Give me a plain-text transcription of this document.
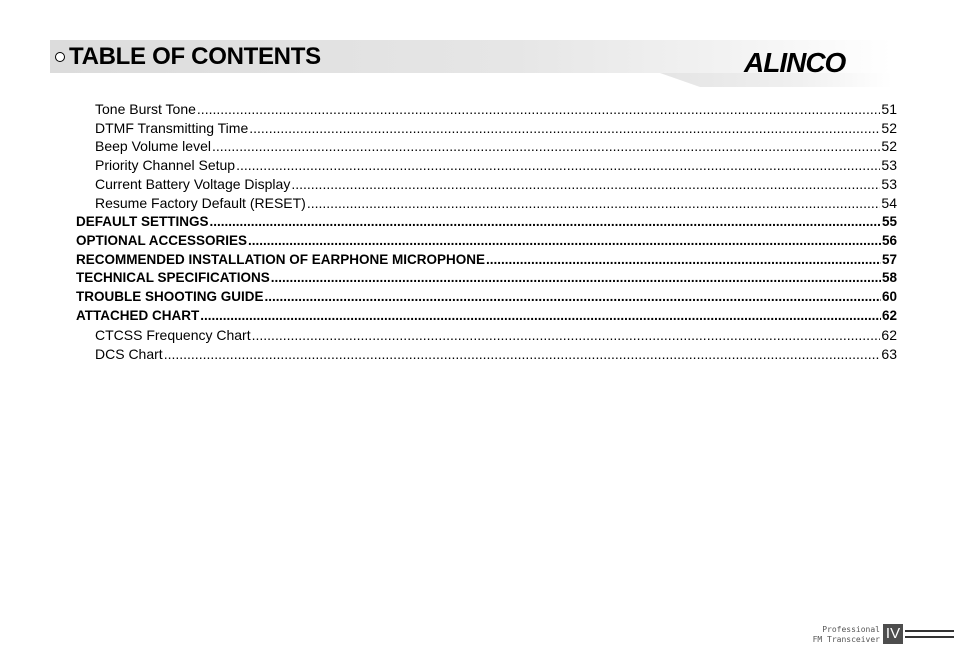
TABLE OF CONTENTS	ALINCO
Tone Burst Tone .....	51
DTMF Transmitting Time .....	52
Beep Volume level .....	52
Priority Channel Setup .....	53
Current Battery Voltage Display .....	53
Resume Factory Default (RESET) .....	54
DEFAULT SETTINGS .....	55
OPTIONAL ACCESSORIES .....	56
RECOMMENDED INSTALLATION OF EARPHONE MICROPHONE .....	57
TECHNICAL SPECIFICATIONS .....	58
TROUBLE SHOOTING GUIDE .....	60
ATTACHED CHART .....	62
CTCSS Frequency Chart .....	62
DCS Chart .....	63
Professional
FM Transceiver IV
